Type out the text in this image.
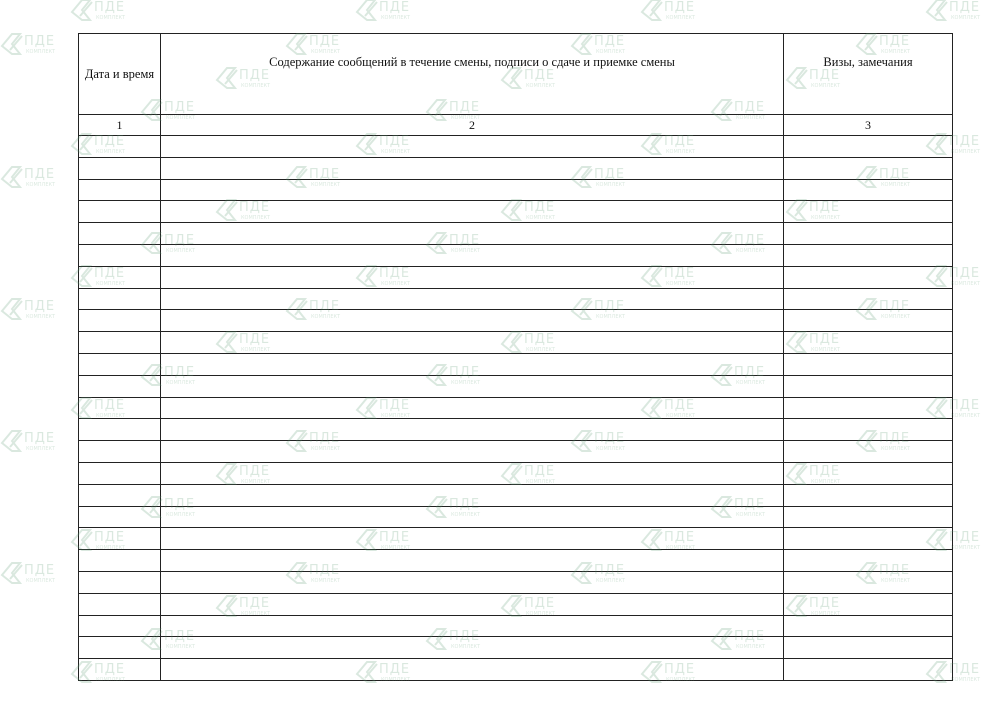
Дата и время	Содержание сообщений в течение смены, подписи о сдаче и приемке смены	Визы, замечания
1	2	3

ПДЕ
КОМПЛЕКТ
ПДЕ
КОМПЛЕКТ
ПДЕ
КОМПЛЕКТ
ПДЕ
КОМПЛЕКТ
ПДЕ
КОМПЛЕКТ
ПДЕ
КОМПЛЕКТ
ПДЕ
КОМПЛЕКТ
ПДЕ
КОМПЛЕКТ
ПДЕ
КОМПЛЕКТ
ПДЕ
КОМПЛЕКТ
ПДЕ
КОМПЛЕКТ
ПДЕ
КОМПЛЕКТ
ПДЕ
КОМПЛЕКТ
ПДЕ
КОМПЛЕКТ
ПДЕ
КОМПЛЕКТ
ПДЕ
КОМПЛЕКТ
ПДЕ
КОМПЛЕКТ
ПДЕ
КОМПЛЕКТ
ПДЕ
КОМПЛЕКТ
ПДЕ
КОМПЛЕКТ
ПДЕ
КОМПЛЕКТ
ПДЕ
КОМПЛЕКТ
ПДЕ
КОМПЛЕКТ
ПДЕ
КОМПЛЕКТ
ПДЕ
КОМПЛЕКТ
ПДЕ
КОМПЛЕКТ
ПДЕ
КОМПЛЕКТ
ПДЕ
КОМПЛЕКТ
ПДЕ
КОМПЛЕКТ
ПДЕ
КОМПЛЕКТ
ПДЕ
КОМПЛЕКТ
ПДЕ
КОМПЛЕКТ
ПДЕ
КОМПЛЕКТ
ПДЕ
КОМПЛЕКТ
ПДЕ
КОМПЛЕКТ
ПДЕ
КОМПЛЕКТ
ПДЕ
КОМПЛЕКТ
ПДЕ
КОМПЛЕКТ
ПДЕ
КОМПЛЕКТ
ПДЕ
КОМПЛЕКТ
ПДЕ
КОМПЛЕКТ
ПДЕ
КОМПЛЕКТ
ПДЕ
КОМПЛЕКТ
ПДЕ
КОМПЛЕКТ
ПДЕ
КОМПЛЕКТ
ПДЕ
КОМПЛЕКТ
ПДЕ
КОМПЛЕКТ
ПДЕ
КОМПЛЕКТ
ПДЕ
КОМПЛЕКТ
ПДЕ
КОМПЛЕКТ
ПДЕ
КОМПЛЕКТ
ПДЕ
КОМПЛЕКТ
ПДЕ
КОМПЛЕКТ
ПДЕ
КОМПЛЕКТ
ПДЕ
КОМПЛЕКТ
ПДЕ
КОМПЛЕКТ
ПДЕ
КОМПЛЕКТ
ПДЕ
КОМПЛЕКТ
ПДЕ
КОМПЛЕКТ
ПДЕ
КОМПЛЕКТ
ПДЕ
КОМПЛЕКТ
ПДЕ
КОМПЛЕКТ
ПДЕ
КОМПЛЕКТ
ПДЕ
КОМПЛЕКТ
ПДЕ
КОМПЛЕКТ
ПДЕ
КОМПЛЕКТ
ПДЕ
КОМПЛЕКТ
ПДЕ
КОМПЛЕКТ
ПДЕ
КОМПЛЕКТ
ПДЕ
КОМПЛЕКТ
ПДЕ
КОМПЛЕКТ
ПДЕ
КОМПЛЕКТ
ПДЕ
КОМПЛЕКТ
ПДЕ
КОМПЛЕКТ
